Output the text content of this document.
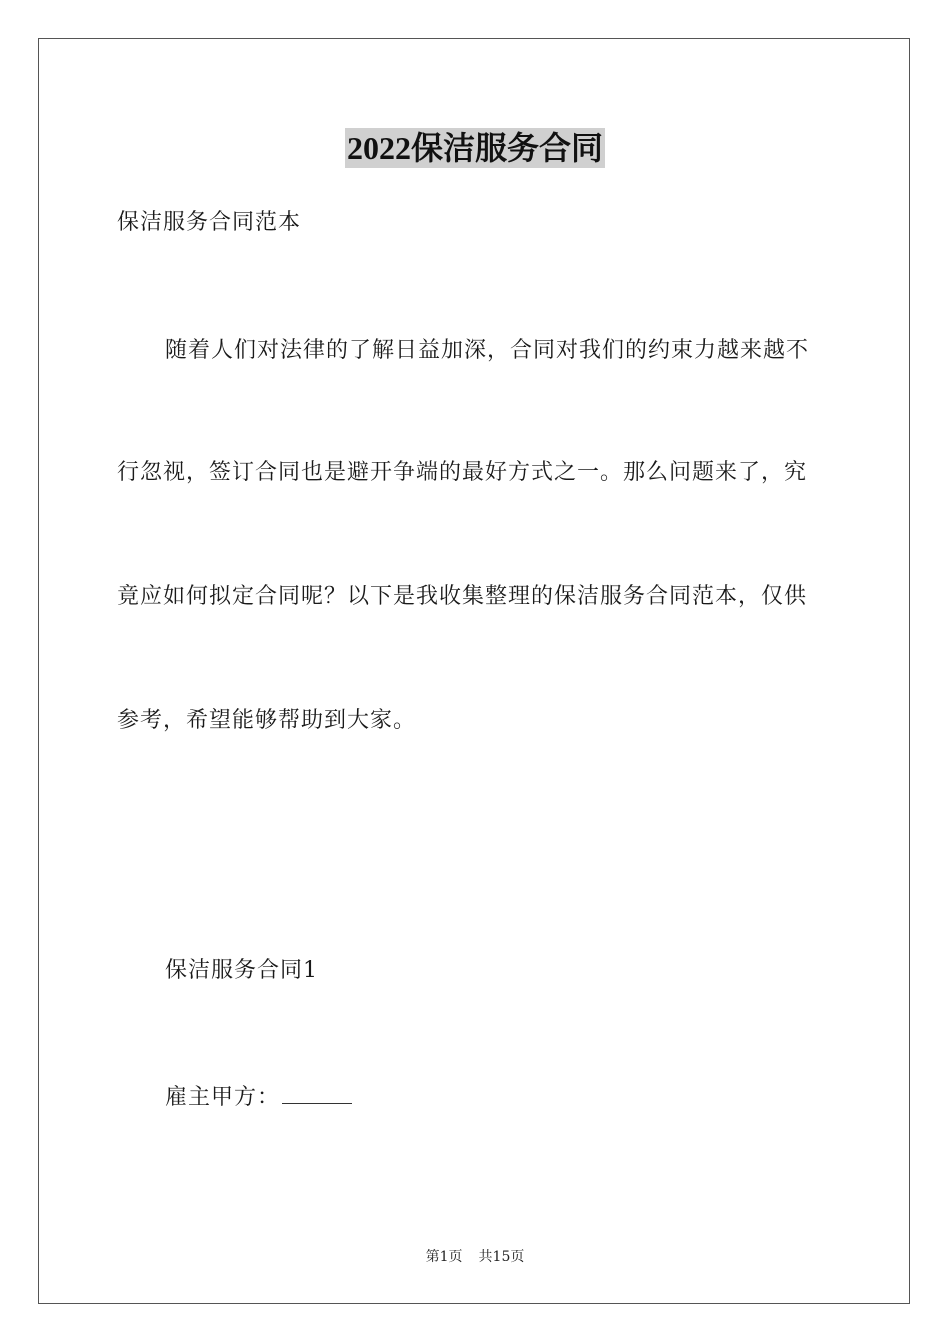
2022保洁服务合同
保洁服务合同范本
随着人们对法律的了解日益加深，合同对我们的约束力越来越不
行忽视，签订合同也是避开争端的最好方式之一。那么问题来了，究
竟应如何拟定合同呢？以下是我收集整理的保洁服务合同范本，仅供
参考，希望能够帮助到大家。
保洁服务合同1
雇主甲方：
第1页 共15页
